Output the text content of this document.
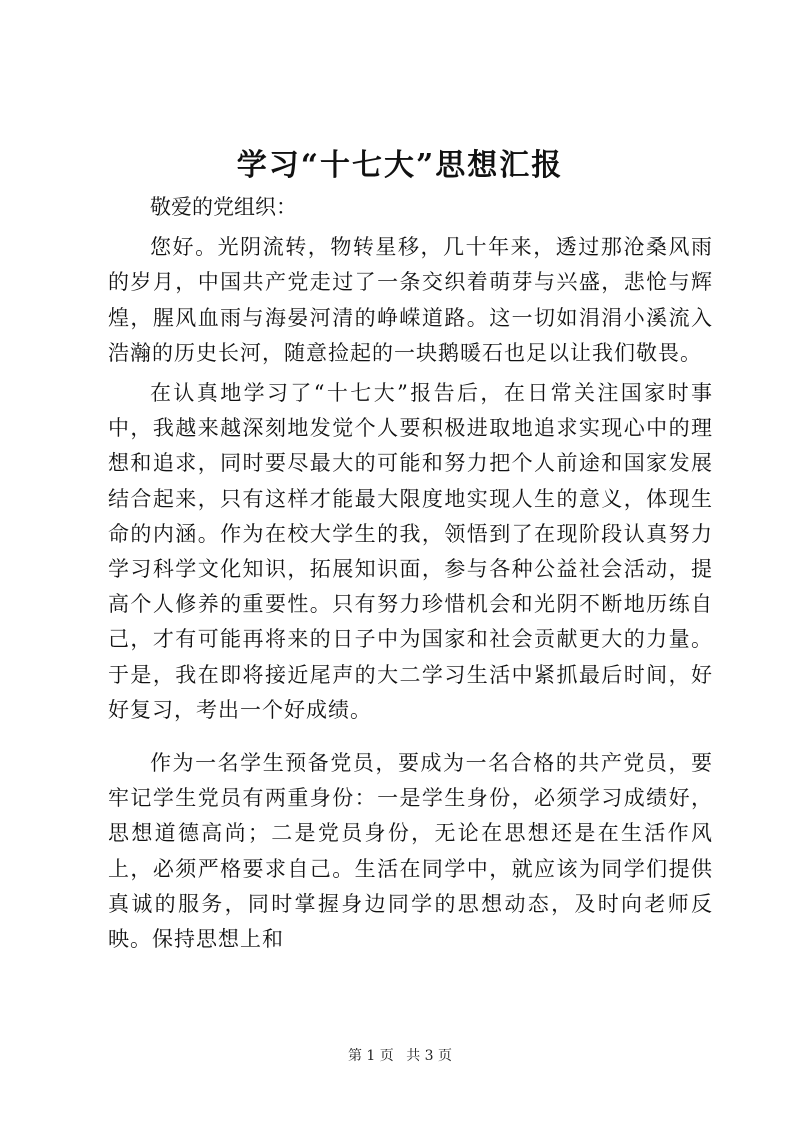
学习“十七大”思想汇报

敬爱的党组织：

您好。光阴流转，物转星移，几十年来，透过那沧桑风雨的岁月，中国共产党走过了一条交织着萌芽与兴盛，悲怆与辉煌，腥风血雨与海晏河清的峥嵘道路。这一切如涓涓小溪流入浩瀚的历史长河，随意捡起的一块鹅暖石也足以让我们敬畏。

在认真地学习了“十七大”报告后，在日常关注国家时事中，我越来越深刻地发觉个人要积极进取地追求实现心中的理想和追求，同时要尽最大的可能和努力把个人前途和国家发展结合起来，只有这样才能最大限度地实现人生的意义，体现生命的内涵。作为在校大学生的我，领悟到了在现阶段认真努力学习科学文化知识，拓展知识面，参与各种公益社会活动，提高个人修养的重要性。只有努力珍惜机会和光阴不断地历练自己，才有可能再将来的日子中为国家和社会贡献更大的力量。于是，我在即将接近尾声的大二学习生活中紧抓最后时间，好好复习，考出一个好成绩。

作为一名学生预备党员，要成为一名合格的共产党员，要牢记学生党员有两重身份：一是学生身份，必须学习成绩好，思想道德高尚；二是党员身份，无论在思想还是在生活作风上，必须严格要求自己。生活在同学中，就应该为同学们提供真诚的服务，同时掌握身边同学的思想动态，及时向老师反映。保持思想上和

第 1 页 共 3 页
